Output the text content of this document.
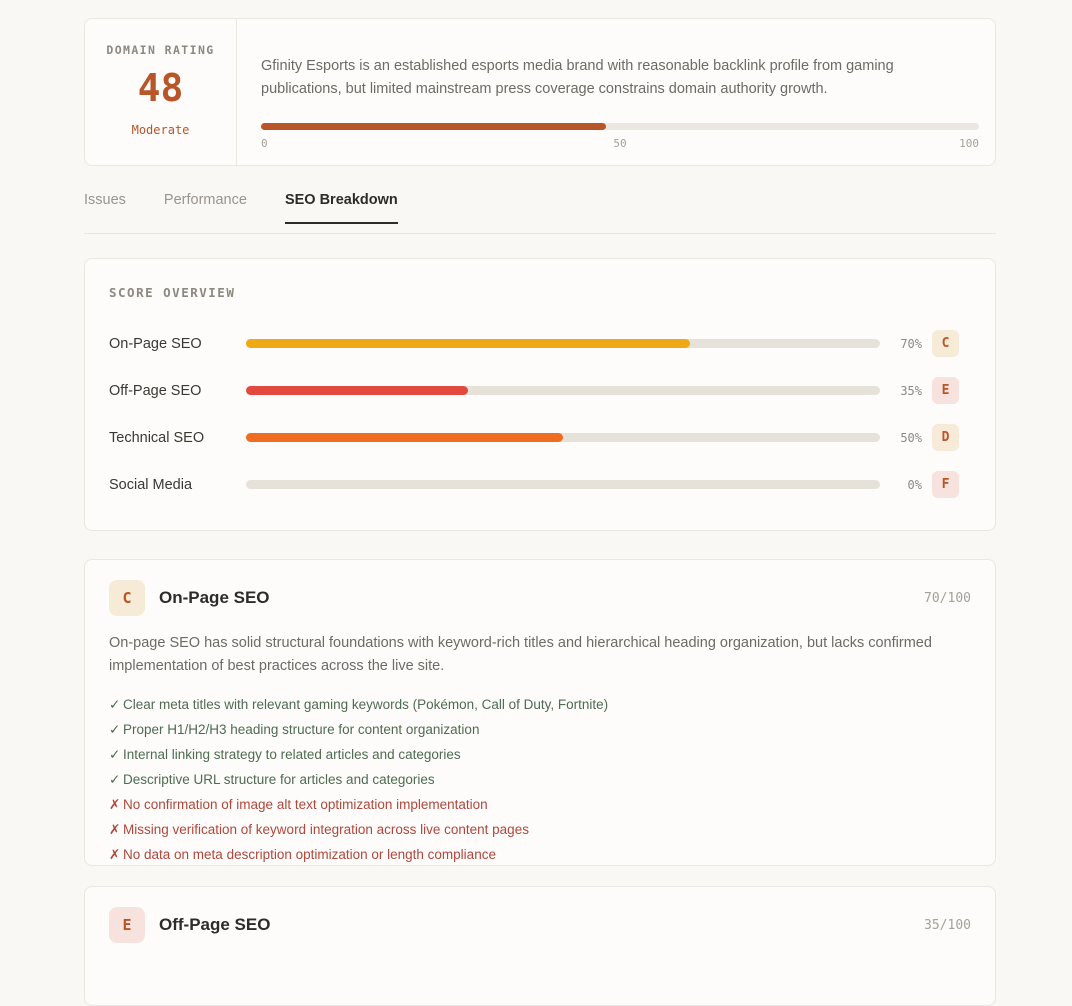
DOMAIN RATING
48
Moderate
Gfinity Esports is an established esports media brand with reasonable backlink profile from gaming publications, but limited mainstream press coverage constrains domain authority growth.
0	50	100
Issues	Performance	SEO Breakdown
SCORE OVERVIEW
On-Page SEO	70%	C
Off-Page SEO	35%	E
Technical SEO	50%	D
Social Media	0%	F
C	On-Page SEO	70/100
On-page SEO has solid structural foundations with keyword-rich titles and hierarchical heading organization, but lacks confirmed implementation of best practices across the live site.
✓ Clear meta titles with relevant gaming keywords (Pokémon, Call of Duty, Fortnite)
✓ Proper H1/H2/H3 heading structure for content organization
✓ Internal linking strategy to related articles and categories
✓ Descriptive URL structure for articles and categories
✗ No confirmation of image alt text optimization implementation
✗ Missing verification of keyword integration across live content pages
✗ No data on meta description optimization or length compliance
E	Off-Page SEO	35/100
